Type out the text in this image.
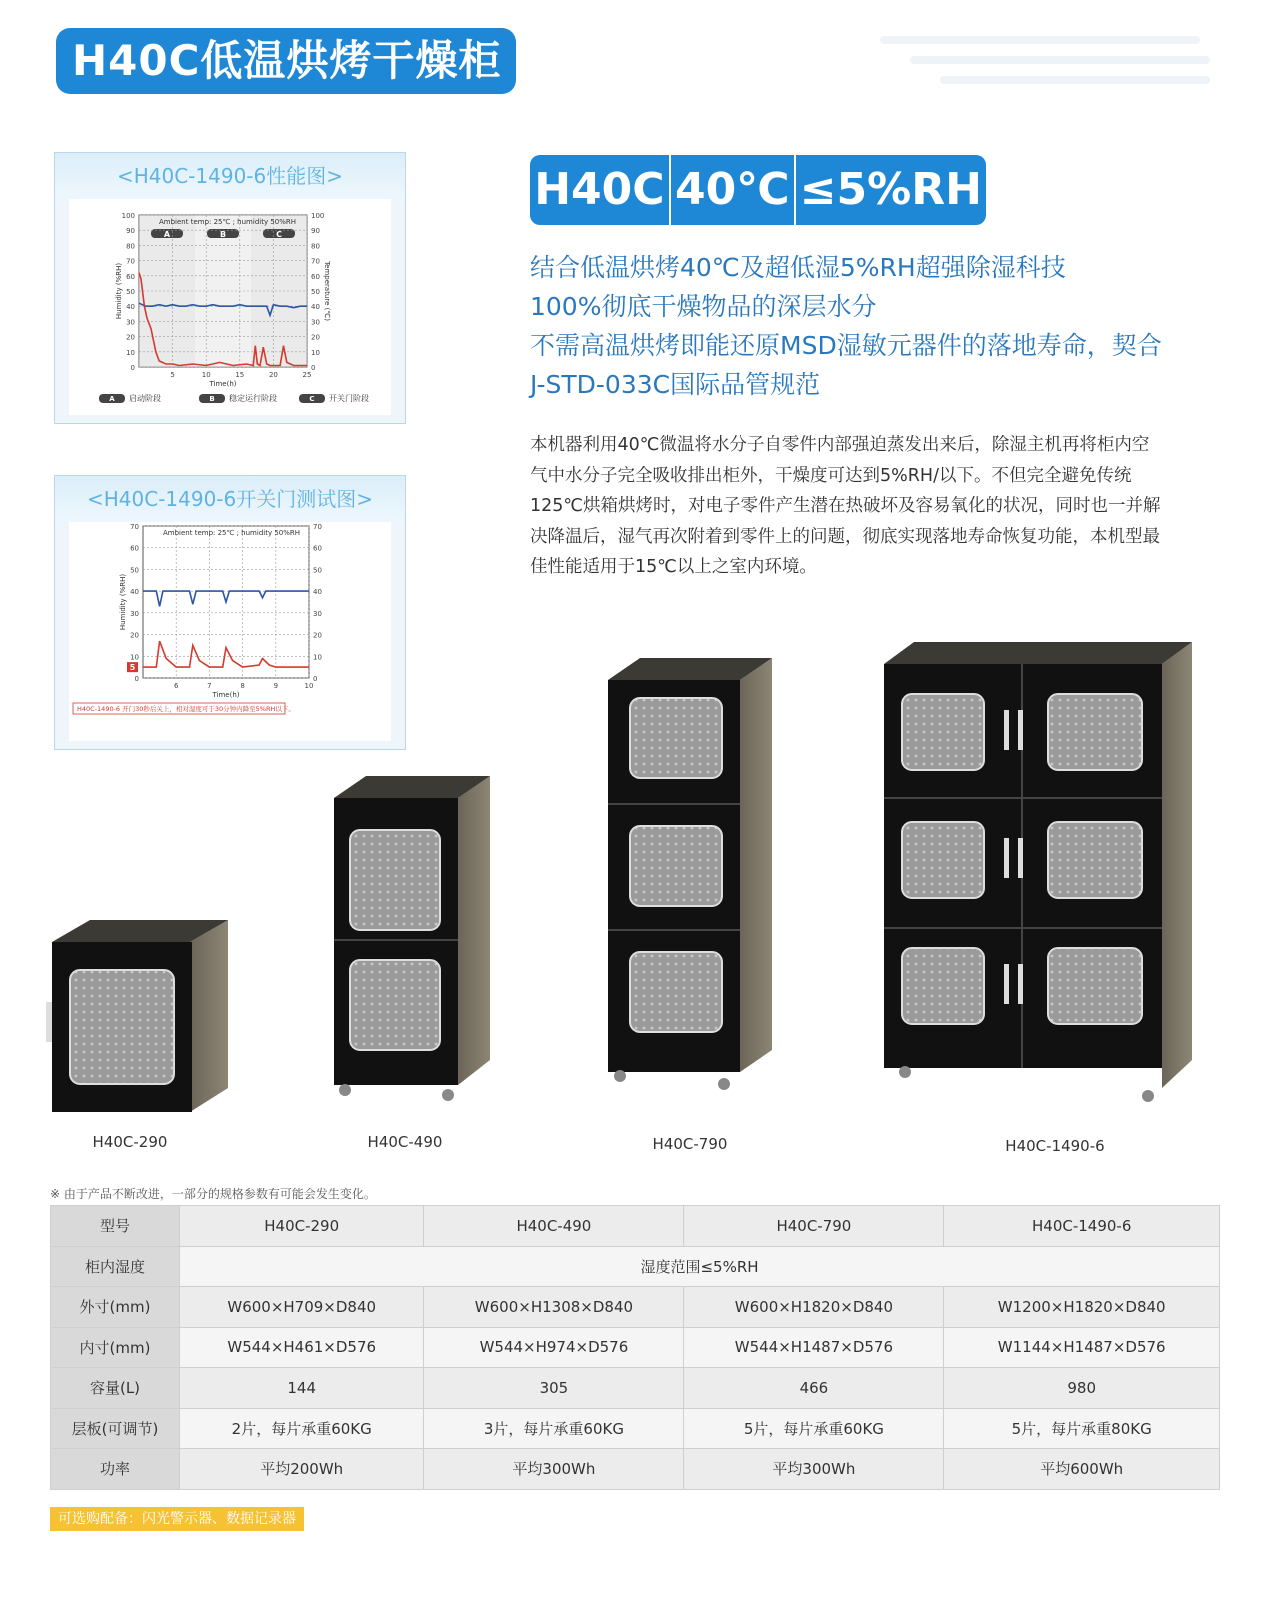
H40C低温烘烤干燥柜
<H40C-1490-6性能图>
A	B	C
0	0
10	10
20	20
30	30
40	40
50	50
60	60
70	70
80	80
90	90
100	100
5	10	15	20	25
Ambient temp: 25℃ ; humidity 50%RH
Time(h)
Humidity (%RH)	Temperature (℃)
A 启动阶段	B 稳定运行阶段	C 开关门阶段
<H40C-1490-6开关门测试图>
0	0
10	10
20	20
30	30
40	40
50	50
60	60
70	70
6	7	8	9	10
Ambient temp: 25℃ ; humidity 50%RH
Time(h)
Humidity (%RH)
5
H40C-1490-6 开门30秒后关上，相对湿度可于30分钟内降至5%RH以下。
H40C 40℃ ≤5%RH
结合低温烘烤40℃及超低湿5%RH超强除湿科技
100%彻底干燥物品的深层水分
不需高温烘烤即能还原MSD湿敏元器件的落地寿命，契合
J-STD-033C国际品管规范
本机器利用40℃微温将水分子自零件内部强迫蒸发出来后，除湿主机再将柜内空
气中水分子完全吸收排出柜外，干燥度可达到5%RH/以下。不但完全避免传统
125℃烘箱烘烤时，对电子零件产生潜在热破坏及容易氧化的状况，同时也一并解
决降温后，湿气再次附着到零件上的问题，彻底实现落地寿命恢复功能，本机型最
佳性能适用于15℃以上之室内环境。
H40C-290	H40C-490	H40C-790	H40C-1490-6
※ 由于产品不断改进，一部分的规格参数有可能会发生变化。
型号	H40C-290	H40C-490	H40C-790	H40C-1490-6
柜内湿度	湿度范围≤5%RH			
外寸(mm)	W600×H709×D840	W600×H1308×D840	W600×H1820×D840	W1200×H1820×D840
内寸(mm)	W544×H461×D576	W544×H974×D576	W544×H1487×D576	W1144×H1487×D576
容量(L)	144	305	466	980
层板(可调节)	2片，每片承重60KG	3片，每片承重60KG	5片，每片承重60KG	5片，每片承重80KG
功率	平均200Wh	平均300Wh	平均300Wh	平均600Wh
可选购配备：闪光警示器、数据记录器
